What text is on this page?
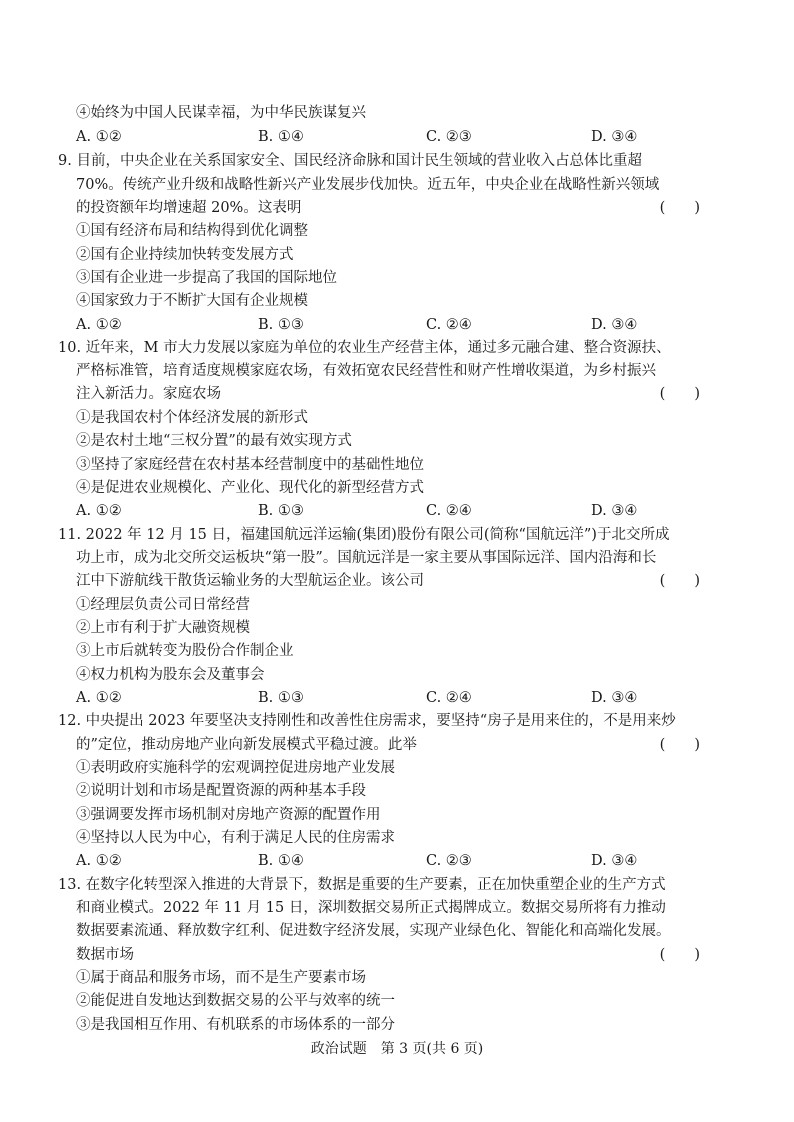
④始终为中国人民谋幸福，为中华民族谋复兴
A. ①②	B. ①④	C. ②③	D. ③④
9. 目前，中央企业在关系国家安全、国民经济命脉和国计民生领域的营业收入占总体比重超
70%。传统产业升级和战略性新兴产业发展步伐加快。近五年，中央企业在战略性新兴领域
的投资额年均增速超 20%。这表明	(　　)
①国有经济布局和结构得到优化调整
②国有企业持续加快转变发展方式
③国有企业进一步提高了我国的国际地位
④国家致力于不断扩大国有企业规模
A. ①②	B. ①③	C. ②④	D. ③④
10. 近年来，M 市大力发展以家庭为单位的农业生产经营主体，通过多元融合建、整合资源扶、
严格标准管，培育适度规模家庭农场，有效拓宽农民经营性和财产性增收渠道，为乡村振兴
注入新活力。家庭农场	(　　)
①是我国农村个体经济发展的新形式
②是农村土地“三权分置”的最有效实现方式
③坚持了家庭经营在农村基本经营制度中的基础性地位
④是促进农业规模化、产业化、现代化的新型经营方式
A. ①②	B. ①③	C. ②④	D. ③④
11. 2022 年 12 月 15 日，福建国航远洋运输(集团)股份有限公司(简称“国航远洋”)于北交所成
功上市，成为北交所交运板块“第一股”。国航远洋是一家主要从事国际远洋、国内沿海和长
江中下游航线干散货运输业务的大型航运企业。该公司	(　　)
①经理层负责公司日常经营
②上市有利于扩大融资规模
③上市后就转变为股份合作制企业
④权力机构为股东会及董事会
A. ①②	B. ①③	C. ②④	D. ③④
12. 中央提出 2023 年要坚决支持刚性和改善性住房需求，要坚持“房子是用来住的，不是用来炒
的”定位，推动房地产业向新发展模式平稳过渡。此举	(　　)
①表明政府实施科学的宏观调控促进房地产业发展
②说明计划和市场是配置资源的两种基本手段
③强调要发挥市场机制对房地产资源的配置作用
④坚持以人民为中心，有利于满足人民的住房需求
A. ①②	B. ①④	C. ②③	D. ③④
13. 在数字化转型深入推进的大背景下，数据是重要的生产要素，正在加快重塑企业的生产方式
和商业模式。2022 年 11 月 15 日，深圳数据交易所正式揭牌成立。数据交易所将有力推动
数据要素流通、释放数字红利、促进数字经济发展，实现产业绿色化、智能化和高端化发展。
数据市场	(　　)
①属于商品和服务市场，而不是生产要素市场
②能促进自发地达到数据交易的公平与效率的统一
③是我国相互作用、有机联系的市场体系的一部分
政治试题　第 3 页(共 6 页)
